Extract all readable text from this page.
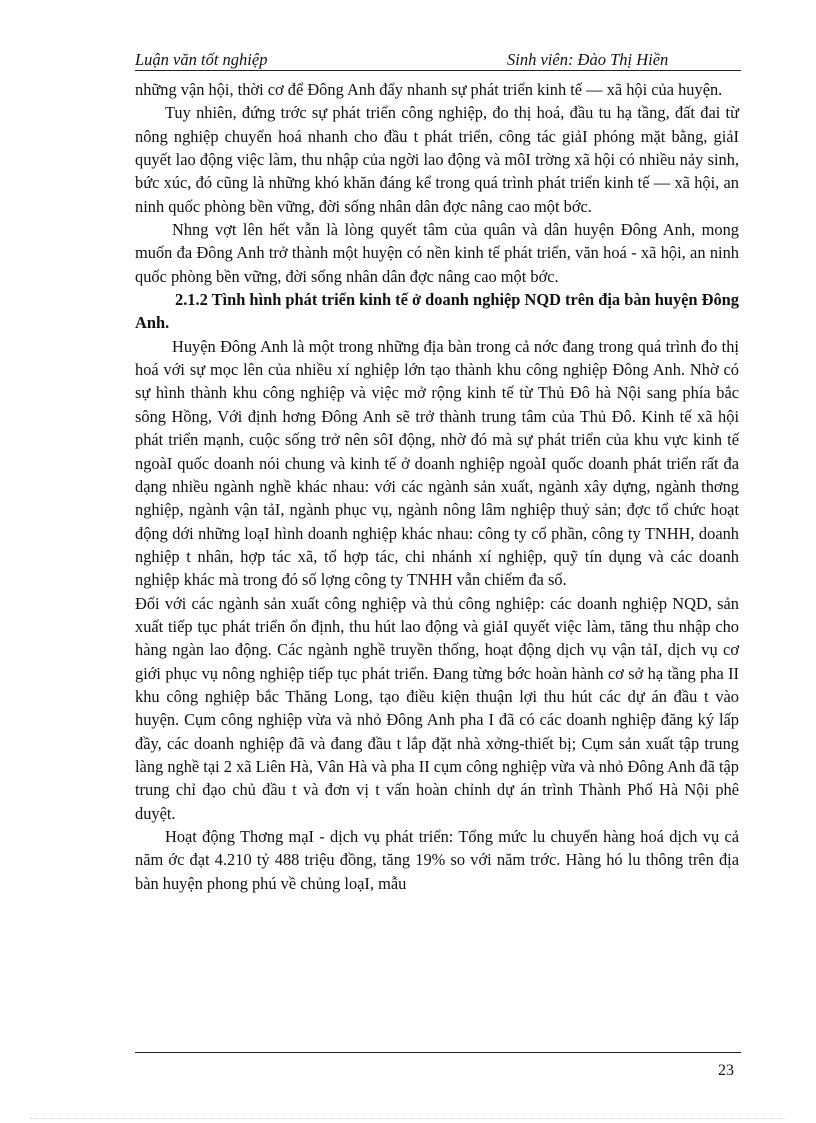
Luận văn tốt nghiệp	Sinh viên: Đào Thị Hiền

những vận hội, thời cơ để Đông Anh đẩy nhanh sự phát triển kinh tế — xã hội của huyện.

Tuy nhiên, đứng trớc sự phát triển công nghiệp, đo thị hoá, đầu tu hạ tầng, đất đai từ nông nghiệp chuyển hoá nhanh cho đầu t phát triển, công tác giảI phóng mặt bằng, giảI quyết lao động việc làm, thu nhập của ngời lao động và môI trờng xã hội có nhiều nảy sinh, bức xúc, đó cũng là những khó khăn đáng kể trong quá trình phát triển kinh tế — xã hội, an ninh quốc phòng bền vững, đời sống nhân dân đợc nâng cao một bớc.

Nhng vợt lên hết vẫn là lòng quyết tâm của quân và dân huyện Đông Anh, mong muốn đa Đông Anh trở thành một huyện có nền kinh tế phát triển, văn hoá - xã hội, an ninh quốc phòng bền vững, đời sống nhân dân đợc nâng cao một bớc.

2.1.2 Tình hình phát triển kinh tế ở doanh nghiệp NQD trên địa bàn huyện Đông Anh.

Huyện Đông Anh là một trong những địa bàn trong cả nớc đang trong quá trình đo thị hoá với sự mọc lên của nhiều xí nghiệp lớn tạo thành khu công nghiệp Đông Anh. Nhờ có sự hình thành khu công nghiệp và việc mở rộng kinh tế từ Thủ Đô hà Nội sang phía bắc sông Hồng, Với định hơng Đông Anh sẽ trở thành trung tâm của Thủ Đô. Kinh tế xã hội phát triển mạnh, cuộc sống trở nên sôI động, nhờ đó mà sự phát triển của khu vực kinh tế ngoàI quốc doanh nói chung và kinh tế ở doanh nghiệp ngoàI quốc doanh phát triển rất đa dạng nhiều ngành nghề khác nhau: với các ngành sản xuất, ngành xây dựng, ngành thơng nghiệp, ngành vận tảI, ngành phục vụ, ngành nông lâm nghiệp thuỷ sản; đợc tổ chức hoạt động dới những loạI hình doanh nghiệp khác nhau: công ty cổ phần, công ty TNHH, doanh nghiệp t nhân, hợp tác xã, tổ hợp tác, chi nhánh xí nghiệp, quỹ tín dụng và các doanh nghiệp khác mà trong đó số lợng công ty TNHH vẫn chiếm đa số.

Đối với các ngành sản xuất công nghiệp và thủ công nghiệp: các doanh nghiệp NQD, sản xuất tiếp tục phát triển ổn định, thu hút lao động và giảI quyết việc làm, tăng thu nhập cho hàng ngàn lao động. Các ngành nghề truyền thống, hoạt động dịch vụ vận tảI, dịch vụ cơ giới phục vụ nông nghiệp tiếp tục phát triển. Đang từng bớc hoàn hành cơ sở hạ tầng pha II khu công nghiệp bắc Thăng Long, tạo điều kiện thuận lợi thu hút các dự án đầu t vào huyện. Cụm công nghiệp vừa và nhỏ Đông Anh pha I đã có các doanh nghiệp đăng ký lấp đầy, các doanh nghiệp đã và đang đầu t lắp đặt nhà xởng-thiết bị; Cụm sản xuất tập trung làng nghề tại 2 xã Liên Hà, Vân Hà và pha II cụm công nghiệp vừa và nhỏ Đông Anh đã tập trung chỉ đạo chủ đầu t và đơn vị t vấn hoàn chỉnh dự án trình Thành Phố Hà Nội phê duyệt.

Hoạt động Thơng mạI - dịch vụ phát triển: Tổng mức lu chuyển hàng hoá dịch vụ cả năm ớc đạt 4.210 tỷ 488 triệu đồng, tăng 19% so với năm trớc. Hàng hó lu thông trên địa bàn huyện phong phú về chủng loạI, mẫu

23
